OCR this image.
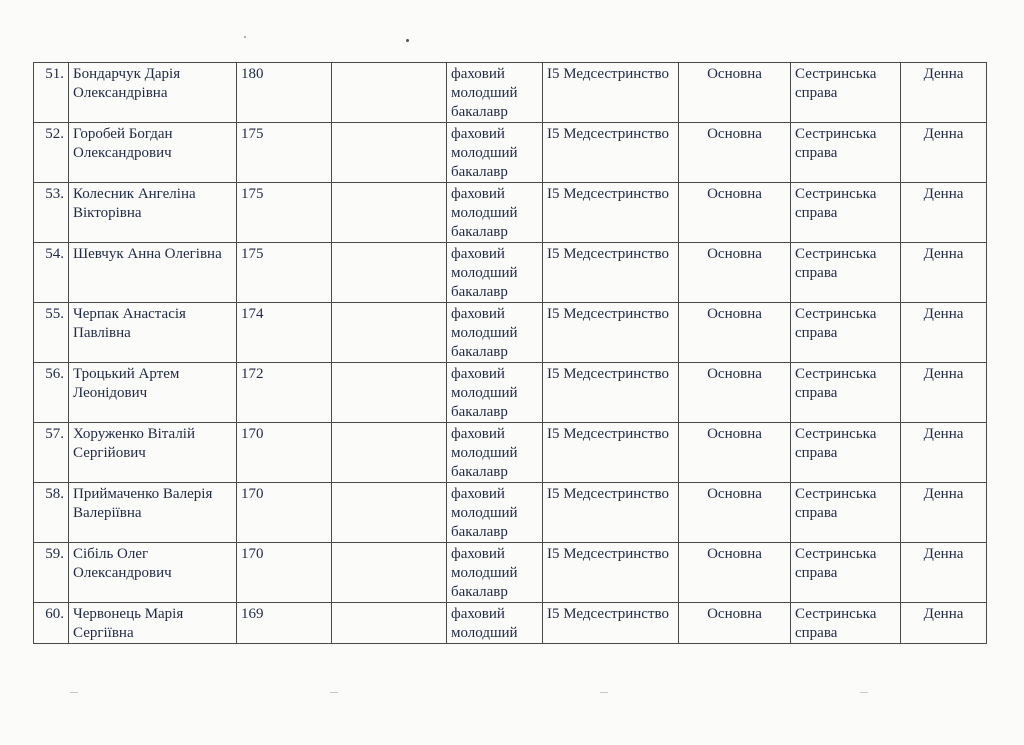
51.	Бондарчук Дарія Олександрівна	180		фаховий молодший бакалавр	I5 Медсестринство	Основна	Сестринська справа	Денна
52.	Горобей Богдан Олександрович	175		фаховий молодший бакалавр	I5 Медсестринство	Основна	Сестринська справа	Денна
53.	Колесник Ангеліна Вікторівна	175		фаховий молодший бакалавр	I5 Медсестринство	Основна	Сестринська справа	Денна
54.	Шевчук Анна Олегівна	175		фаховий молодший бакалавр	I5 Медсестринство	Основна	Сестринська справа	Денна
55.	Черпак Анастасія Павлівна	174		фаховий молодший бакалавр	I5 Медсестринство	Основна	Сестринська справа	Денна
56.	Троцький Артем Леонідович	172		фаховий молодший бакалавр	I5 Медсестринство	Основна	Сестринська справа	Денна
57.	Хоруженко Віталій Сергійович	170		фаховий молодший бакалавр	I5 Медсестринство	Основна	Сестринська справа	Денна
58.	Приймаченко Валерія Валеріївна	170		фаховий молодший бакалавр	I5 Медсестринство	Основна	Сестринська справа	Денна
59.	Сібіль Олег Олександрович	170		фаховий молодший бакалавр	I5 Медсестринство	Основна	Сестринська справа	Денна
60.	Червонець Марія Сергіївна	169		фаховий молодший	I5 Медсестринство	Основна	Сестринська справа	Денна
